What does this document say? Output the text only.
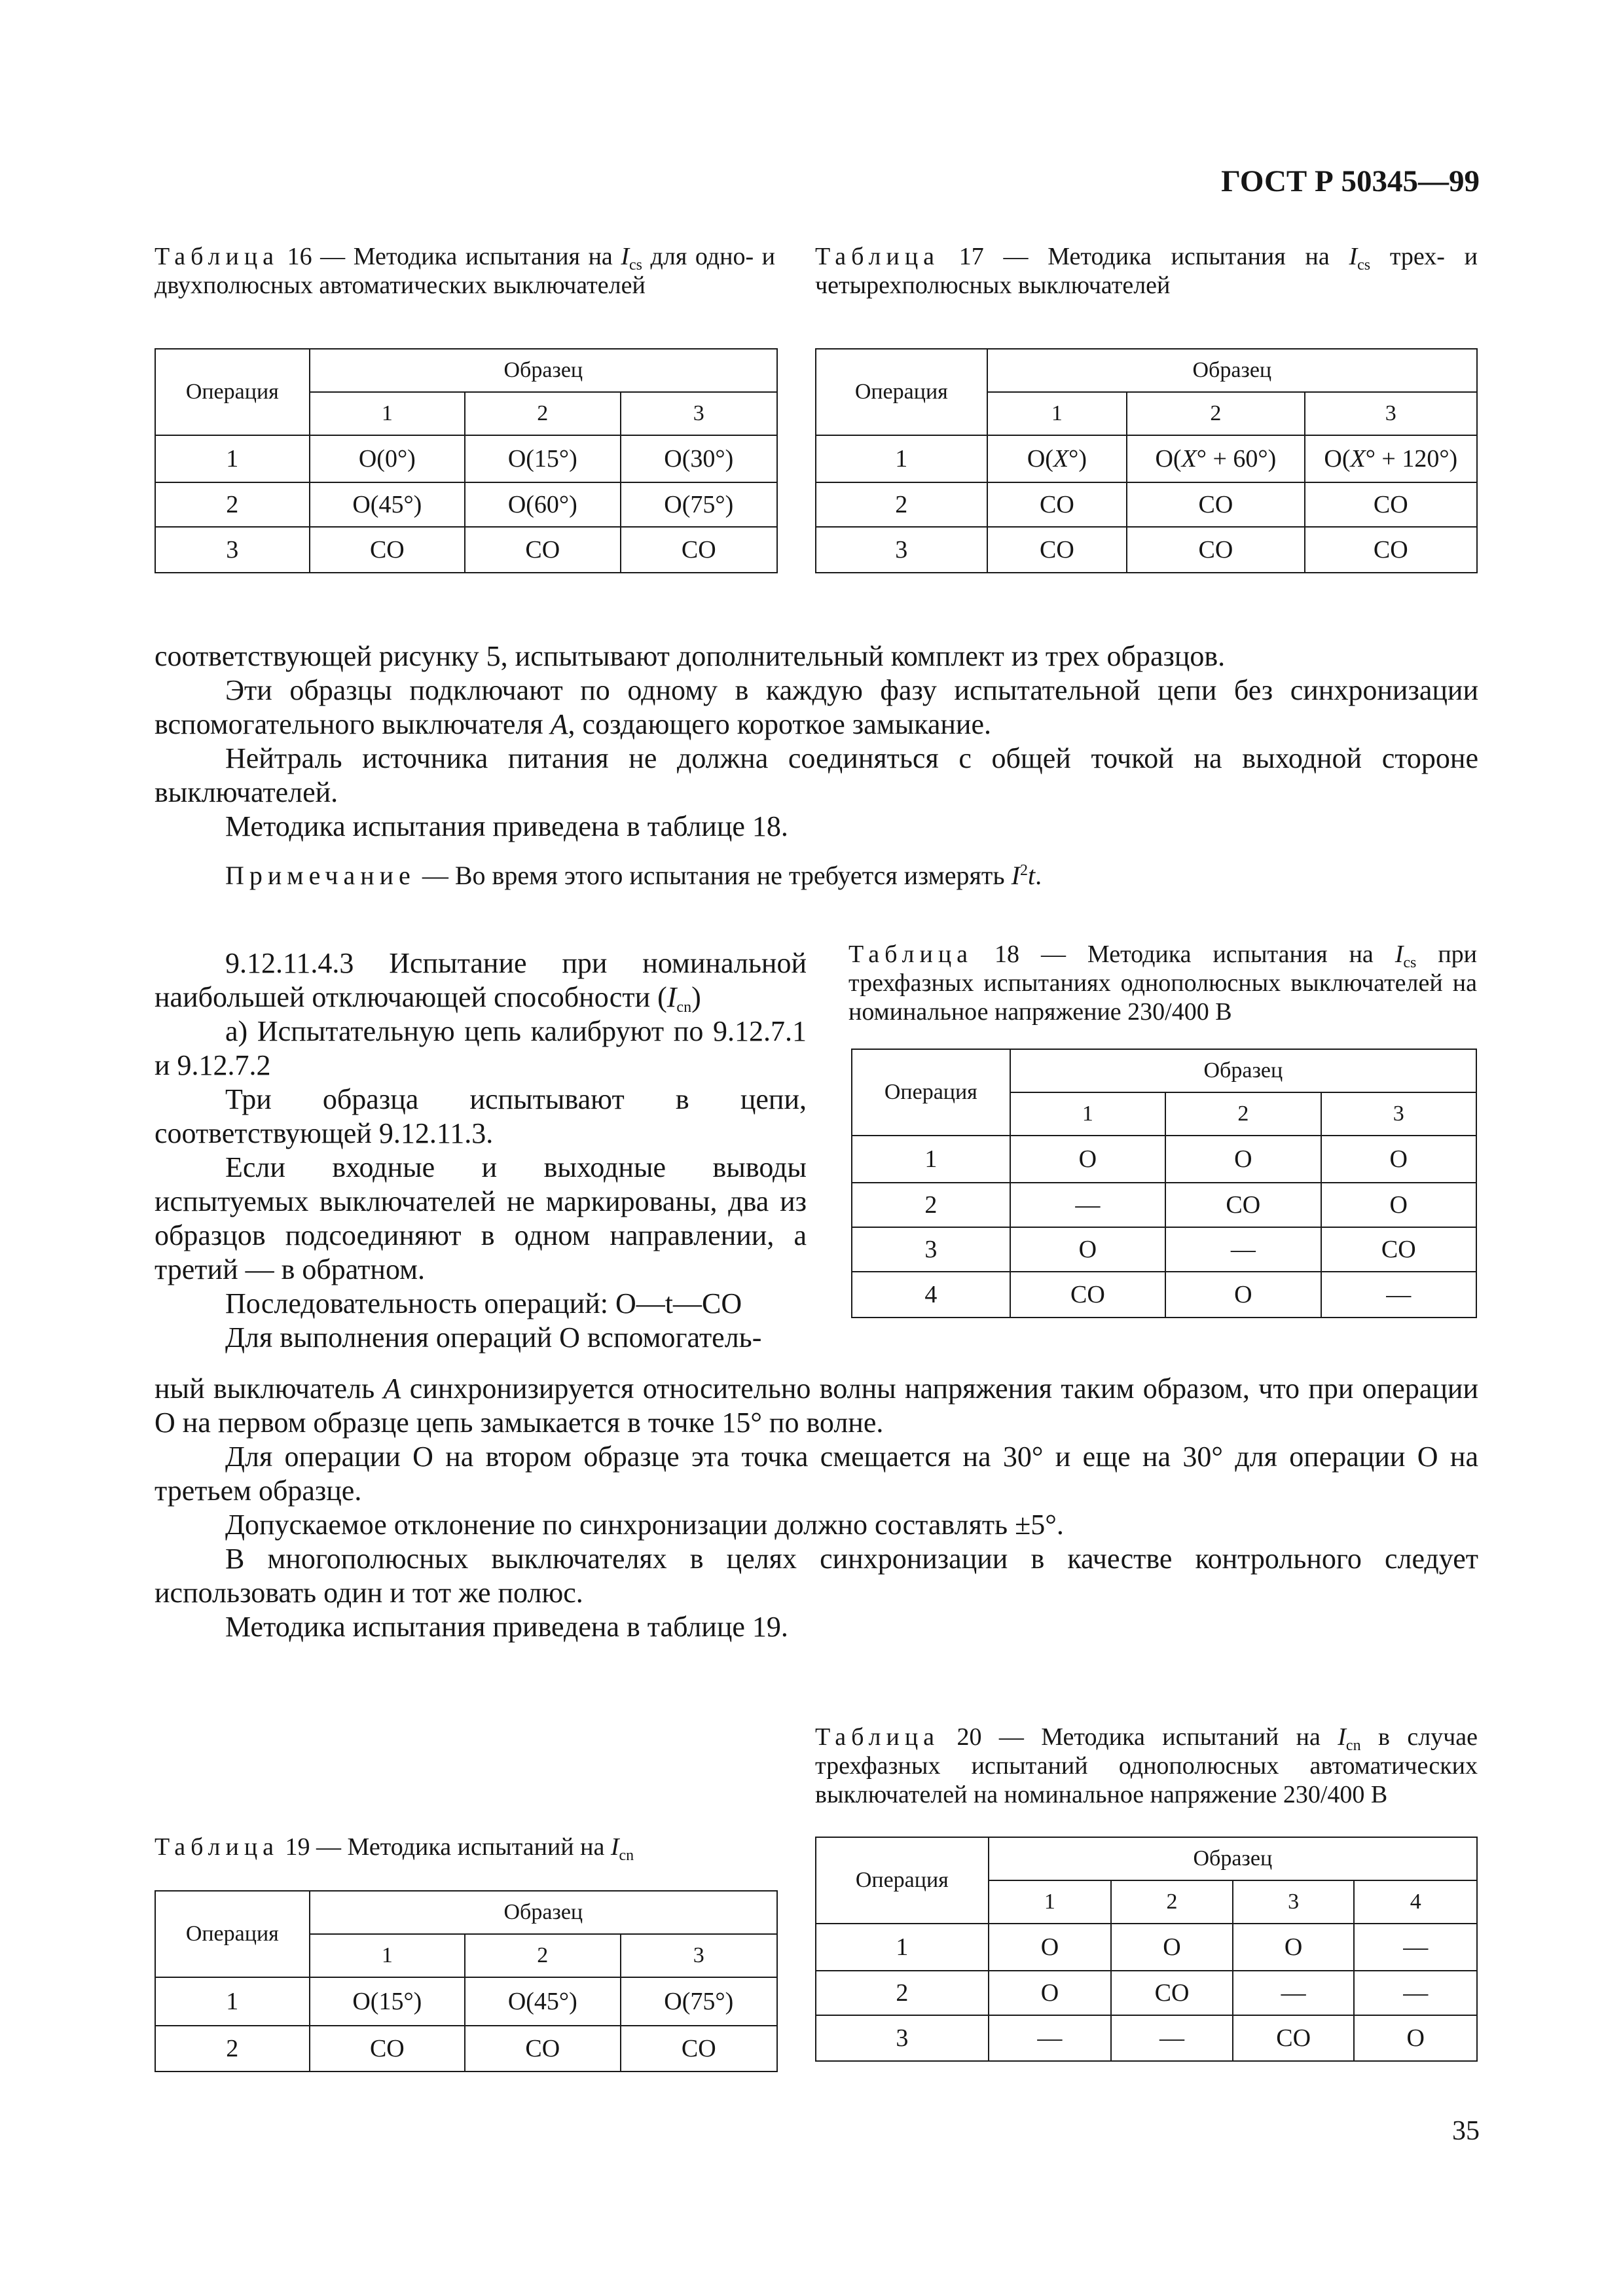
ГОСТ Р 50345—99
Таблица 16 — Методика испытания на $I_{cs}$ для одно- и двухполюсных автоматических выключателей
Операция	Образец		
	1	2	3
1	O(0°)	O(15°)	O(30°)
2	O(45°)	O(60°)	O(75°)
3	CO	CO	CO
Таблица 17 — Методика испытания на $I_{cs}$ трех- и четырехполюсных выключателей
Операция	Образец		
	1	2	3
1	O(X°)	O(X° + 60°)	O(X° + 120°)
2	CO	CO	CO
3	CO	CO	CO

соответствующей рисунку 5, испытывают дополнительный комплект из трех образцов.

Эти образцы подключают по одному в каждую фазу испытательной цепи без синхронизации вспомогательного выключателя A, создающего короткое замыкание.

Нейтраль источника питания не должна соединяться с общей точкой на выходной стороне выключателей.

Методика испытания приведена в таблице 18.

Примечание — Во время этого испытания не требуется измерять $I^2t$.

9.12.11.4.3 Испытание при номинальной наибольшей отключающей способности $(I_{cn})$

а) Испытательную цепь калибруют по 9.12.7.1 и 9.12.7.2

Три образца испытывают в цепи, соответствующей 9.12.11.3.

Если входные и выходные выводы испытуемых выключателей не маркированы, два из образцов подсоединяют в одном направлении, а третий — в обратном.

Последовательность операций: O—t—CO

Для выполнения операций O вспомогатель-

Таблица 18 — Методика испытания на $I_{cs}$ при трехфазных испытаниях однополюсных выключателей на номинальное напряжение 230/400 В
Операция	Образец		
	1	2	3
1	O	O	O
2	—	CO	O
3	O	—	CO
4	CO	O	—

ный выключатель A синхронизируется относительно волны напряжения таким образом, что при операции O на первом образце цепь замыкается в точке 15° по волне.

Для операции O на втором образце эта точка смещается на 30° и еще на 30° для операции O на третьем образце.

Допускаемое отклонение по синхронизации должно составлять ±5°.

В многополюсных выключателях в целях синхронизации в качестве контрольного следует использовать один и тот же полюс.

Методика испытания приведена в таблице 19.

Таблица 20 — Методика испытаний на $I_{cn}$ в случае трехфазных испытаний однополюсных автоматических выключателей на номинальное напряжение 230/400 В
Операция	Образец			
	1	2	3	4
1	O	O	O	—
2	O	CO	—	—
3	—	—	CO	O
Таблица 19 — Методика испытаний на $I_{cn}$
Операция	Образец		
	1	2	3
1	O(15°)	O(45°)	O(75°)
2	CO	CO	CO
35
